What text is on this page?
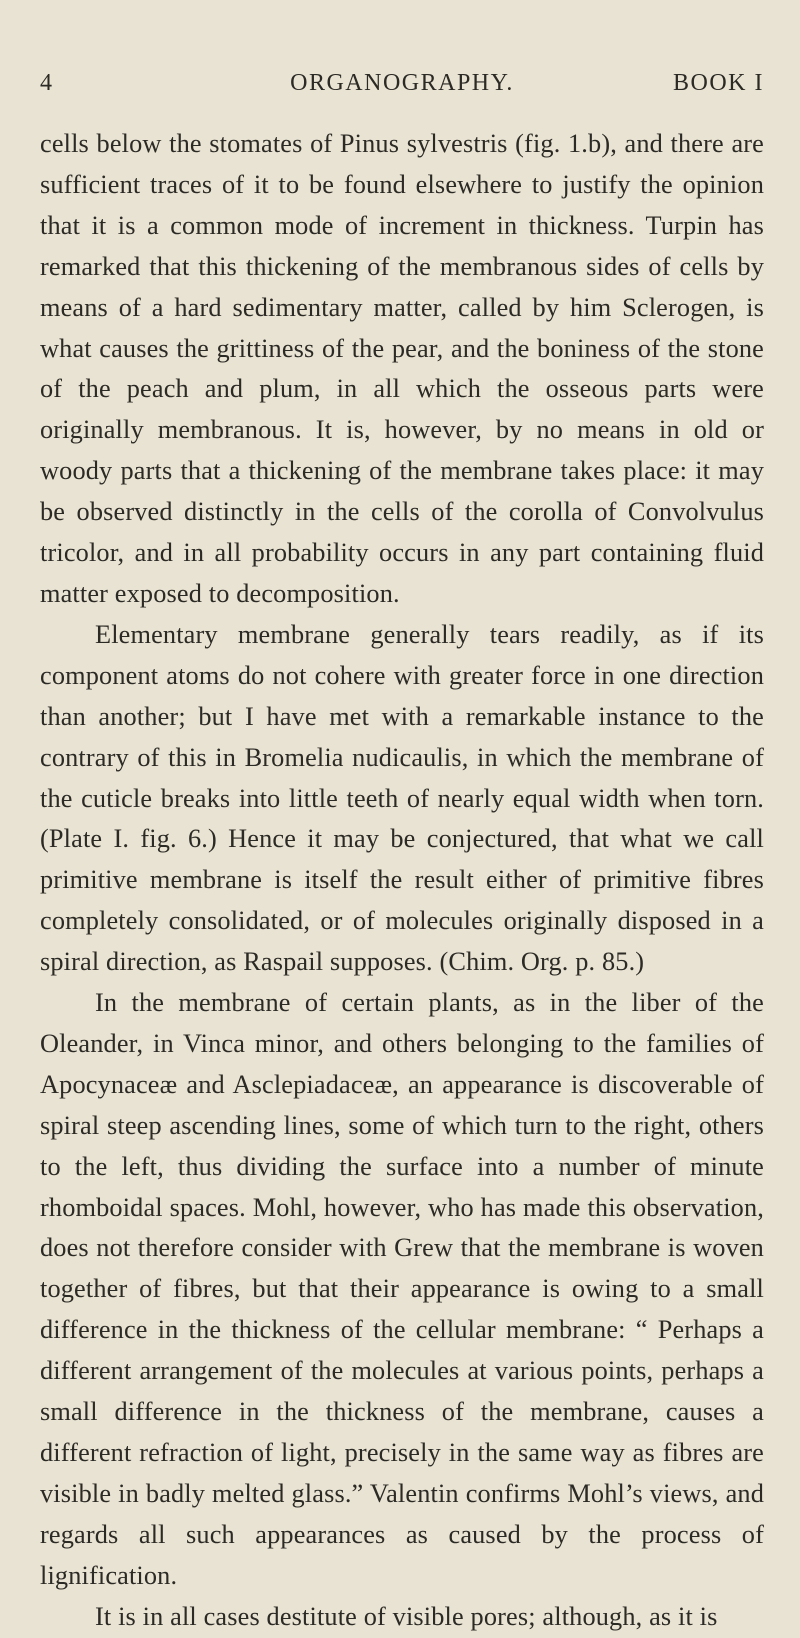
4	ORGANOGRAPHY.	BOOK I

cells below the stomates of Pinus sylvestris (fig. 1.b), and there are sufficient traces of it to be found elsewhere to justify the opinion that it is a common mode of increment in thickness. Turpin has remarked that this thickening of the membranous sides of cells by means of a hard sedimentary matter, called by him Sclerogen, is what causes the grittiness of the pear, and the boniness of the stone of the peach and plum, in all which the osseous parts were originally membranous. It is, however, by no means in old or woody parts that a thickening of the membrane takes place: it may be observed distinctly in the cells of the corolla of Convolvulus tricolor, and in all probability occurs in any part containing fluid matter exposed to decomposition.

Elementary membrane generally tears readily, as if its component atoms do not cohere with greater force in one direction than another; but I have met with a remarkable instance to the contrary of this in Bromelia nudicaulis, in which the membrane of the cuticle breaks into little teeth of nearly equal width when torn. (Plate I. fig. 6.) Hence it may be conjectured, that what we call primitive membrane is itself the result either of primitive fibres completely consolidated, or of molecules originally disposed in a spiral direction, as Raspail supposes. (Chim. Org. p. 85.)

In the membrane of certain plants, as in the liber of the Oleander, in Vinca minor, and others belonging to the families of Apocynaceæ and Asclepiadaceæ, an appearance is discoverable of spiral steep ascending lines, some of which turn to the right, others to the left, thus dividing the surface into a number of minute rhomboidal spaces. Mohl, however, who has made this observation, does not therefore consider with Grew that the membrane is woven together of fibres, but that their appearance is owing to a small difference in the thickness of the cellular membrane: “ Perhaps a different arrangement of the molecules at various points, perhaps a small difference in the thickness of the membrane, causes a different refraction of light, precisely in the same way as fibres are visible in badly melted glass.” Valentin confirms Mohl’s views, and regards all such appearances as caused by the process of lignification.

It is in all cases destitute of visible pores; although, as it is
